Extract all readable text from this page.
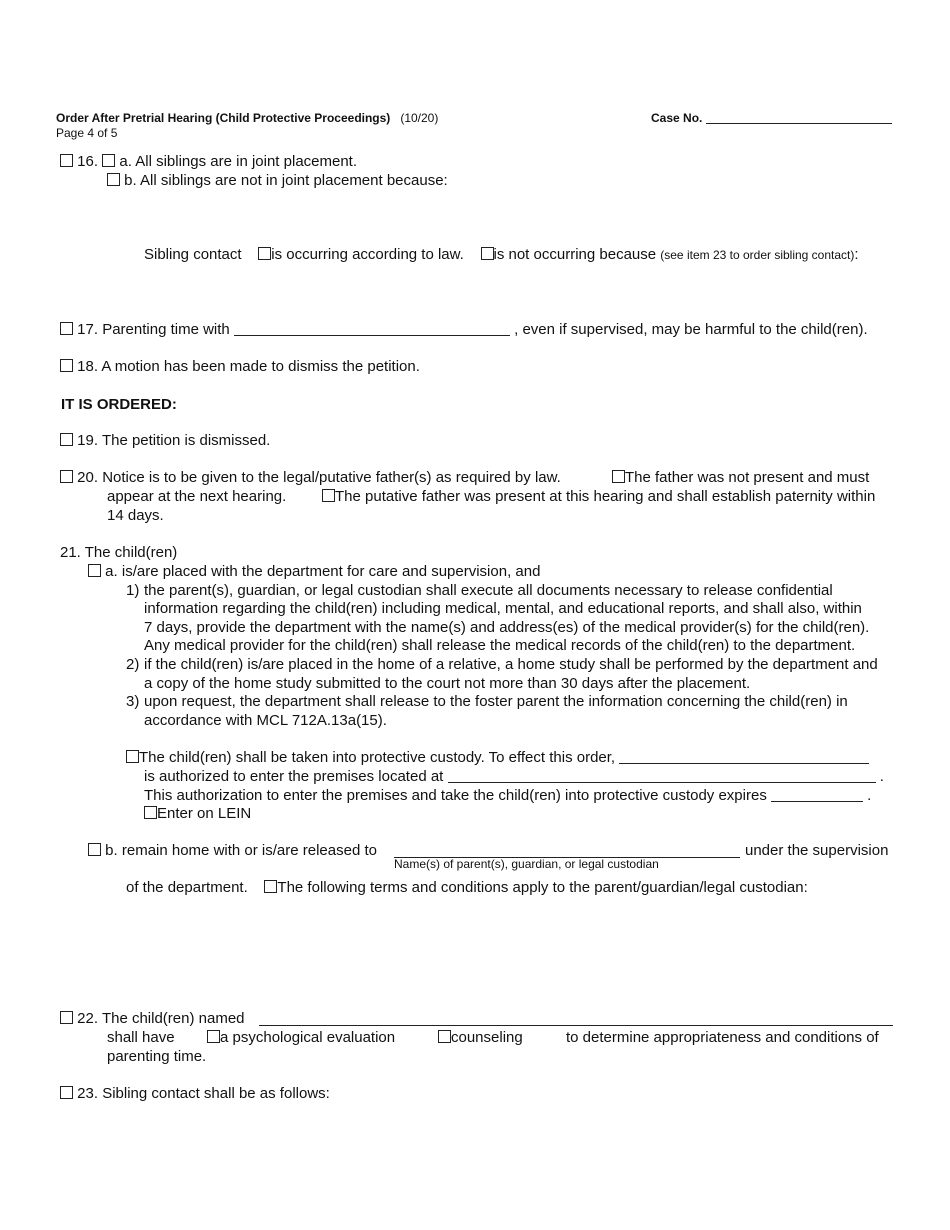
Order After Pretrial Hearing (Child Protective Proceedings) (10/20)
Page 4 of 5
Case No.
16. a. All siblings are in joint placement.
b. All siblings are not in joint placement because:
Sibling contact is occurring according to law. is not occurring because (see item 23 to order sibling contact):
17. Parenting time with	, even if supervised, may be harmful to the child(ren).
18. A motion has been made to dismiss the petition.
IT IS ORDERED:
19. The petition is dismissed.
20. Notice is to be given to the legal/putative father(s) as required by law.	The father was not present and must
appear at the next hearing.	The putative father was present at this hearing and shall establish paternity within
14 days.
21. The child(ren)
a. is/are placed with the department for care and supervision, and
1) the parent(s), guardian, or legal custodian shall execute all documents necessary to release confidential
information regarding the child(ren) including medical, mental, and educational reports, and shall also, within
7 days, provide the department with the name(s) and address(es) of the medical provider(s) for the child(ren).
Any medical provider for the child(ren) shall release the medical records of the child(ren) to the department.
2) if the child(ren) is/are placed in the home of a relative, a home study shall be performed by the department and
a copy of the home study submitted to the court not more than 30 days after the placement.
3) upon request, the department shall release to the foster parent the information concerning the child(ren) in
accordance with MCL 712A.13a(15).
The child(ren) shall be taken into protective custody. To effect this order,
is authorized to enter the premises located at	.
This authorization to enter the premises and take the child(ren) into protective custody expires	.
Enter on LEIN
b. remain home with or is/are released to
Name(s) of parent(s), guardian, or legal custodian
under the supervision
of the department. The following terms and conditions apply to the parent/guardian/legal custodian:
22. The child(ren) named
shall have	a psychological evaluation	counseling	to determine appropriateness and conditions of
parenting time.
23. Sibling contact shall be as follows:
